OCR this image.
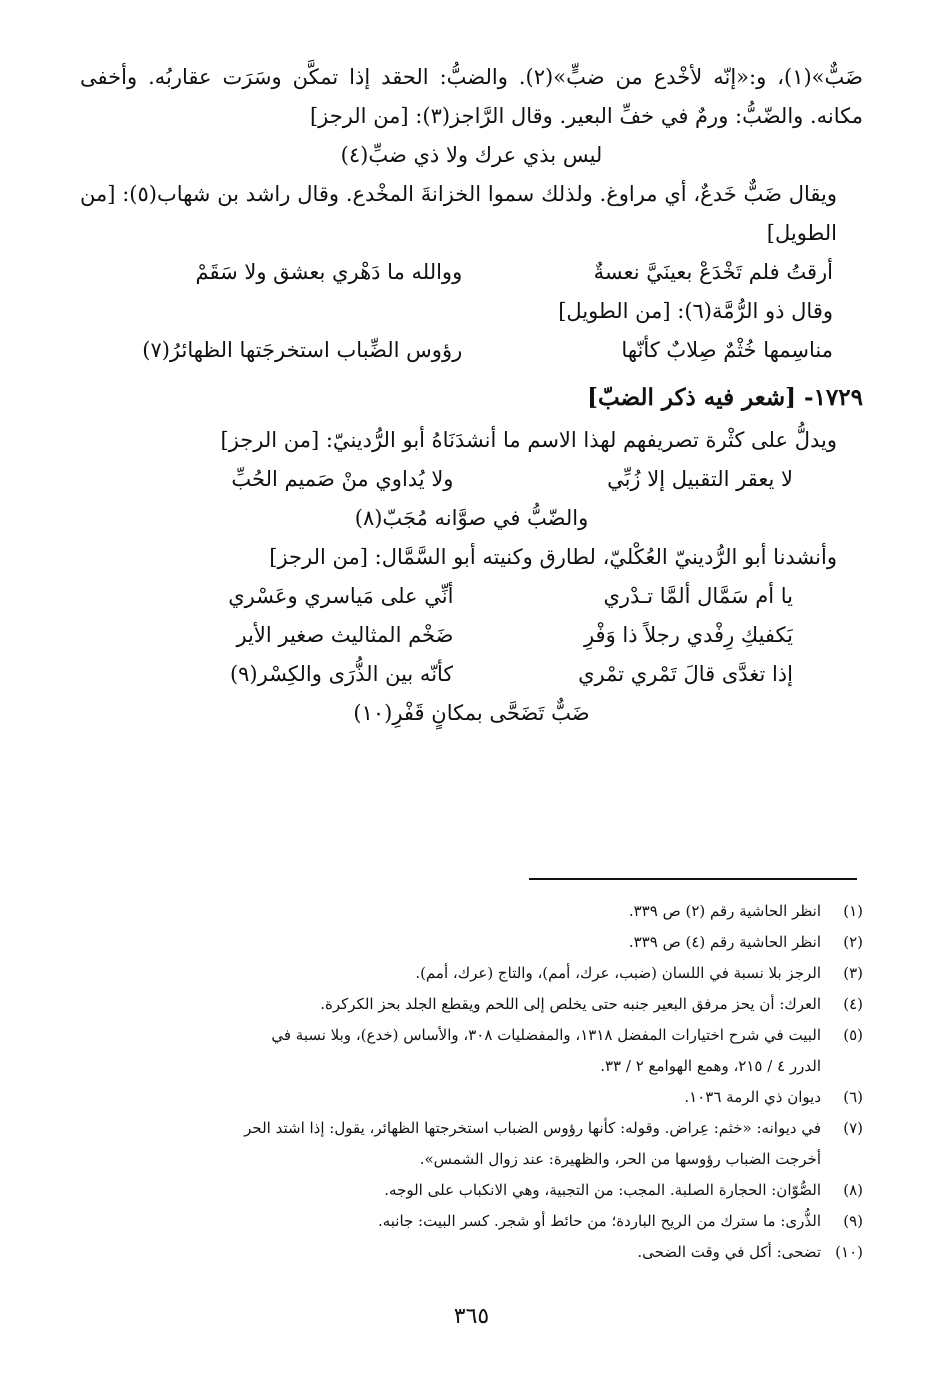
ضَبٌّ»(١)، و:«إنّه لأخْدع من ضبٍّ»(٢). والضبُّ: الحقد إذا تمكَّن وسَرَت عقاربُه. وأخفى مكانه. والضّبُّ: ورمٌ في خفِّ البعير. وقال الرَّاجز(٣): [من الرجز]

ليس بذي عرك ولا ذي ضبِّ(٤)

ويقال ضَبٌّ خَدعٌ، أي مراوغ. ولذلك سموا الخزانةَ المخْدع. وقال راشد بن شهاب(٥): [من الطويل]

أرقتُ فلم تَخْدَعْ بعينَيَّ نعسةٌ
ووالله ما دَهْري بعشق ولا سَقَمْ

وقال ذو الرُّمَّة(٦): [من الطويل]

مناسِمها خُثْمٌ صِلابٌ كأنّها
رؤوس الضِّباب استخرجَتها الظهائرُ(٧)

١٧٢٩- [شعر فيه ذكر الضبّ]

ويدلُّ على كثْرة تصريفهم لهذا الاسم ما أنشدَنَاهُ أبو الرُّدينيّ: [من الرجز]

لا يعقر التقبيل إلا زُبِّي
ولا يُداوي منْ صَميم الحُبِّ

والضّبُّ في صوَّانه مُجَبّ(٨)

وأنشدنا أبو الرُّدينيّ العُكْليّ، لطارق وكنيته أبو السَّمَّال: [من الرجز]

يا أم سَمَّال ألمَّا تـدْري
أنِّي على مَياسري وعَسْري
يَكفيكِ رِفْدي رجلاً ذا وَفْرِ
ضَخْم المثاليث صغير الأير
إذا تغدَّى قالَ تَمْري تمْري
كأنّه بين الذُّرَى والكِسْر(٩)

ضَبٌّ تَضَحَّى بمكانٍ قَفْرِ(١٠)

(١)انظر الحاشية رقم (٢) ص ٣٣٩.

(٢)انظر الحاشية رقم (٤) ص ٣٣٩.

(٣)الرجز بلا نسبة في اللسان (ضبب، عرك، أمم)، والتاج (عرك، أمم).

(٤)العرك: أن يحز مرفق البعير جنبه حتى يخلص إلى اللحم ويقطع الجلد بحز الكركرة.

(٥)البيت في شرح اختيارات المفضل ١٣١٨، والمفضليات ٣٠٨، والأساس (خدع)، وبلا نسبة في
الدرر ٤ / ٢١٥، وهمع الهوامع ٢ / ٣٣.

(٦)ديوان ذي الرمة ١٠٣٦.

(٧)في ديوانه: «خثم: عِراض. وقوله: كأنها رؤوس الضباب استخرجتها الظهائر، يقول: إذا اشتد الحر
أخرجت الضباب رؤوسها من الحر، والظهيرة: عند زوال الشمس».

(٨)الصُّوّان: الحجارة الصلبة. المجب: من التجبية، وهي الانكباب على الوجه.

(٩)الذُّرى: ما سترك من الريح الباردة؛ من حائط أو شجر. كسر البيت: جانبه.

(١٠)تضحى: أكل في وقت الضحى.

٣٦٥
